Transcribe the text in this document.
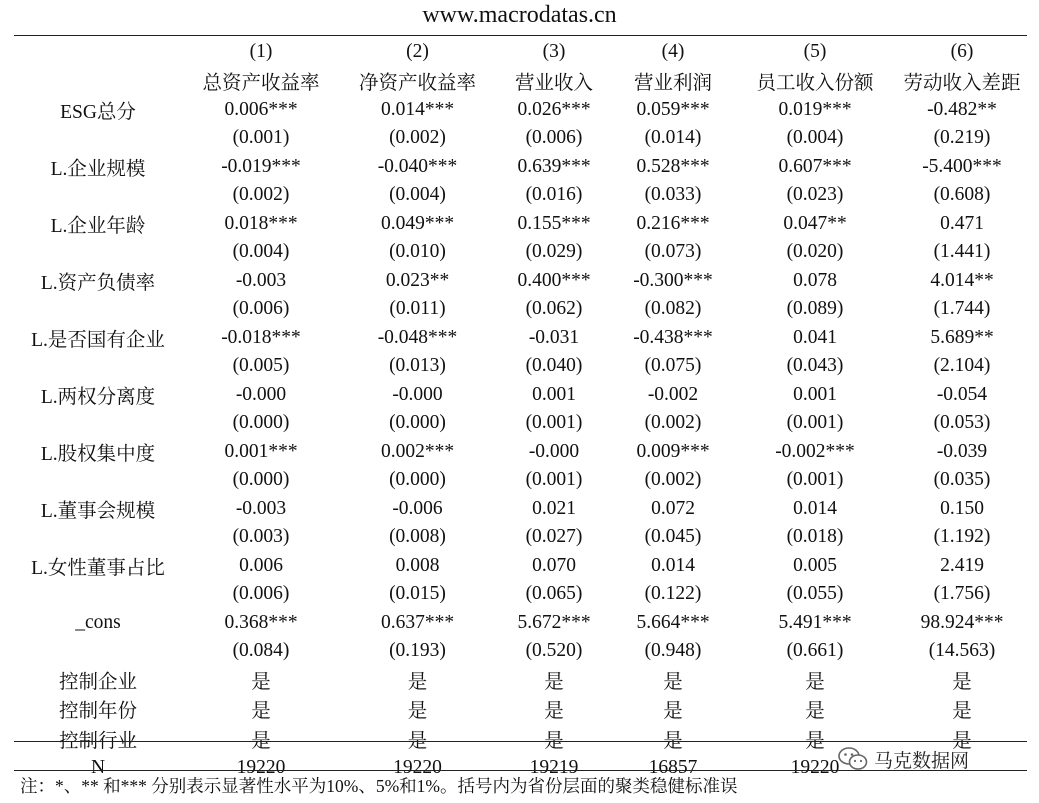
www.macrodatas.cn
	(1)	(2)	(3)	(4)	(5)	(6)
	总资产收益率	净资产收益率	营业收入	营业利润	员工收入份额	劳动收入差距
ESG总分	0.006***	0.014***	0.026***	0.059***	0.019***	-0.482**
	(0.001)	(0.002)	(0.006)	(0.014)	(0.004)	(0.219)
L.企业规模	-0.019***	-0.040***	0.639***	0.528***	0.607***	-5.400***
	(0.002)	(0.004)	(0.016)	(0.033)	(0.023)	(0.608)
L.企业年龄	0.018***	0.049***	0.155***	0.216***	0.047**	0.471
	(0.004)	(0.010)	(0.029)	(0.073)	(0.020)	(1.441)
L.资产负债率	-0.003	0.023**	0.400***	-0.300***	0.078	4.014**
	(0.006)	(0.011)	(0.062)	(0.082)	(0.089)	(1.744)
L.是否国有企业	-0.018***	-0.048***	-0.031	-0.438***	0.041	5.689**
	(0.005)	(0.013)	(0.040)	(0.075)	(0.043)	(2.104)
L.两权分离度	-0.000	-0.000	0.001	-0.002	0.001	-0.054
	(0.000)	(0.000)	(0.001)	(0.002)	(0.001)	(0.053)
L.股权集中度	0.001***	0.002***	-0.000	0.009***	-0.002***	-0.039
	(0.000)	(0.000)	(0.001)	(0.002)	(0.001)	(0.035)
L.董事会规模	-0.003	-0.006	0.021	0.072	0.014	0.150
	(0.003)	(0.008)	(0.027)	(0.045)	(0.018)	(1.192)
L.女性董事占比	0.006	0.008	0.070	0.014	0.005	2.419
	(0.006)	(0.015)	(0.065)	(0.122)	(0.055)	(1.756)
_cons	0.368***	0.637***	5.672***	5.664***	5.491***	98.924***
	(0.084)	(0.193)	(0.520)	(0.948)	(0.661)	(14.563)
控制企业	是	是	是	是	是	是
控制年份	是	是	是	是	是	是
控制行业	是	是	是	是	是	是
N	19220	19220	19219	16857	19220	马克数据网
注：*、** 和*** 分别表示显著性水平为10%、5%和1%。括号内为省份层面的聚类稳健标准误
